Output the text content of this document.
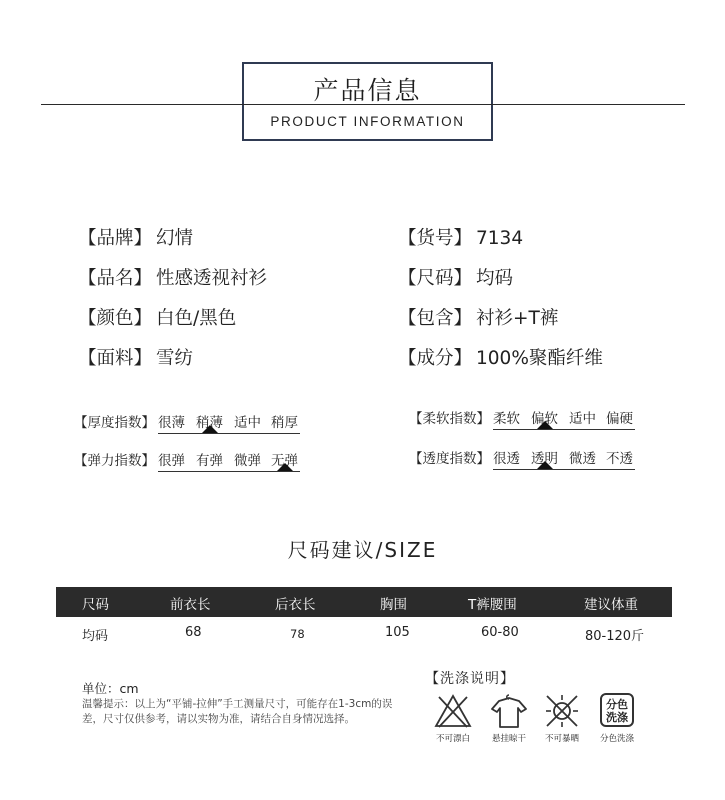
产品信息
PRODUCT INFORMATION
【品牌】 幻情	【货号】 7134
【品名】 性感透视衬衫	【尺码】 均码
【颜色】 白色/黑色	【包含】 衬衫+T裤
【面料】 雪纺	【成分】 100%聚酯纤维
【厚度指数】 很薄 稍薄 适中 稍厚
【弹力指数】 很弹 有弹 微弹 无弹
【柔软指数】 柔软 偏软 适中 偏硬
【透度指数】 很透 透明 微透 不透
尺码建议/SIZE
尺码	前衣长	后衣长	胸围	T裤腰围	建议体重
均码	68	78	105	60-80	80-120斤
单位：cm
温馨提示：以上为“平铺-拉伸”手工测量尺寸，可能存在1-3cm的误差，尺寸仅供参考，请以实物为准，请结合自身情况选择。
【洗涤说明】
不可漂白	悬挂晾干	不可暴晒
分色
洗涤
分色洗涤
